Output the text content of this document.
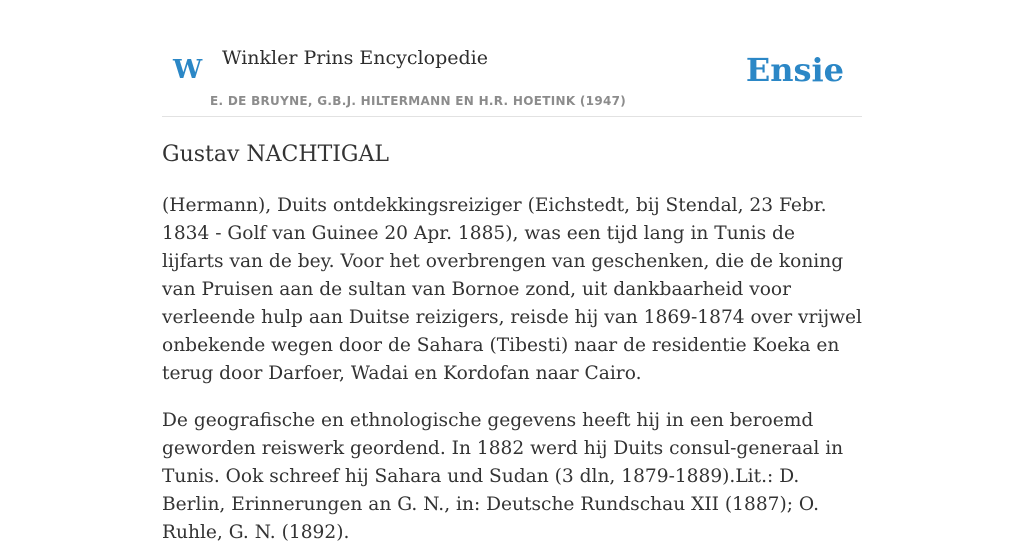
W Winkler Prins Encyclopedie
E. DE BRUYNE, G.B.J. HILTERMANN EN H.R. HOETINK (1947)
Ensie
Gustav NACHTIGAL

(Hermann), Duits ontdekkingsreiziger (Eichstedt, bij Stendal, 23 Febr. 1834 - Golf van Guinee 20 Apr. 1885), was een tijd lang in Tunis de lijfarts van de bey. Voor het overbrengen van geschenken, die de koning van Pruisen aan de sultan van Bornoe zond, uit dankbaarheid voor verleende hulp aan Duitse reizigers, reisde hij van 1869-1874 over vrijwel onbekende wegen door de Sahara (Tibesti) naar de residentie Koeka en terug door Darfoer, Wadai en Kordofan naar Cairo.

De geografische en ethnologische gegevens heeft hij in een beroemd geworden reiswerk geordend. In 1882 werd hij Duits consul-generaal in Tunis. Ook schreef hij Sahara und Sudan (3 dln, 1879-1889).Lit.: D. Berlin, Erinnerungen an G. N., in: Deutsche Rundschau XII (1887); O. Ruhle, G. N. (1892).
